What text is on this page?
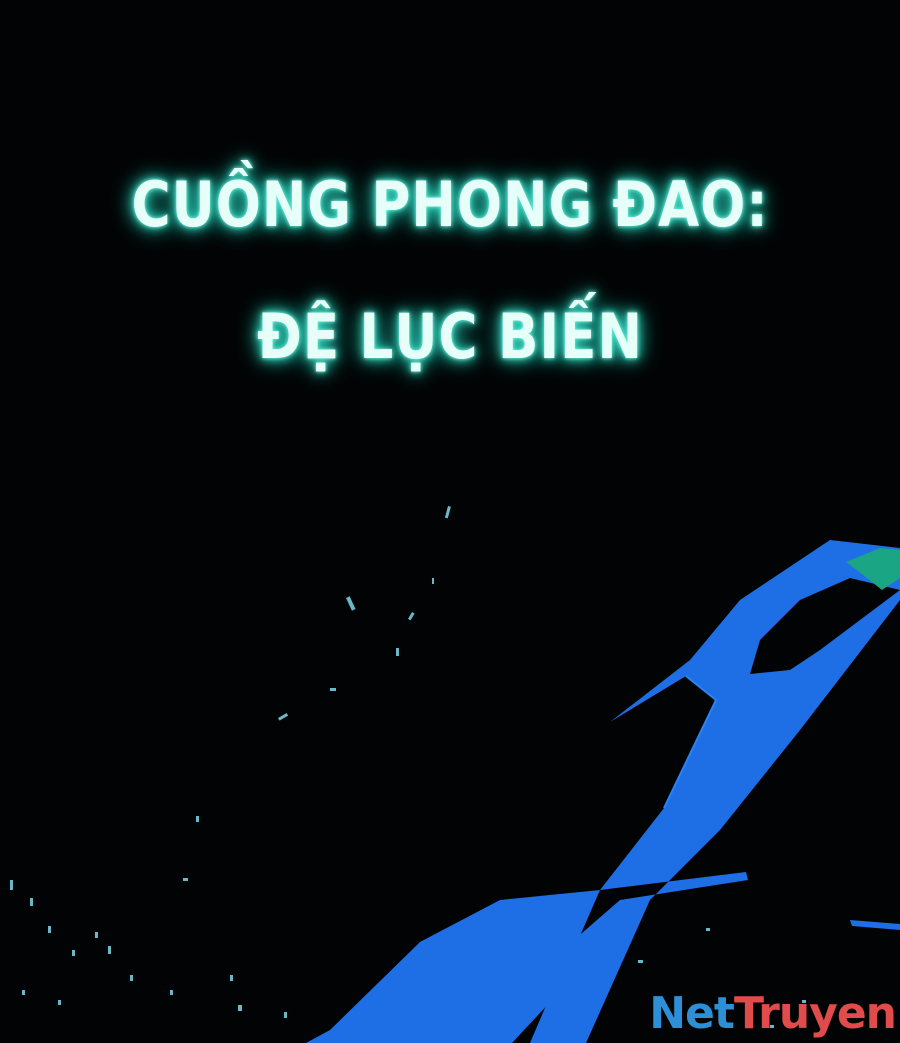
CUỒNG PHONG ĐAO:
ĐỆ LỤC BIẾN
NetTruyen
